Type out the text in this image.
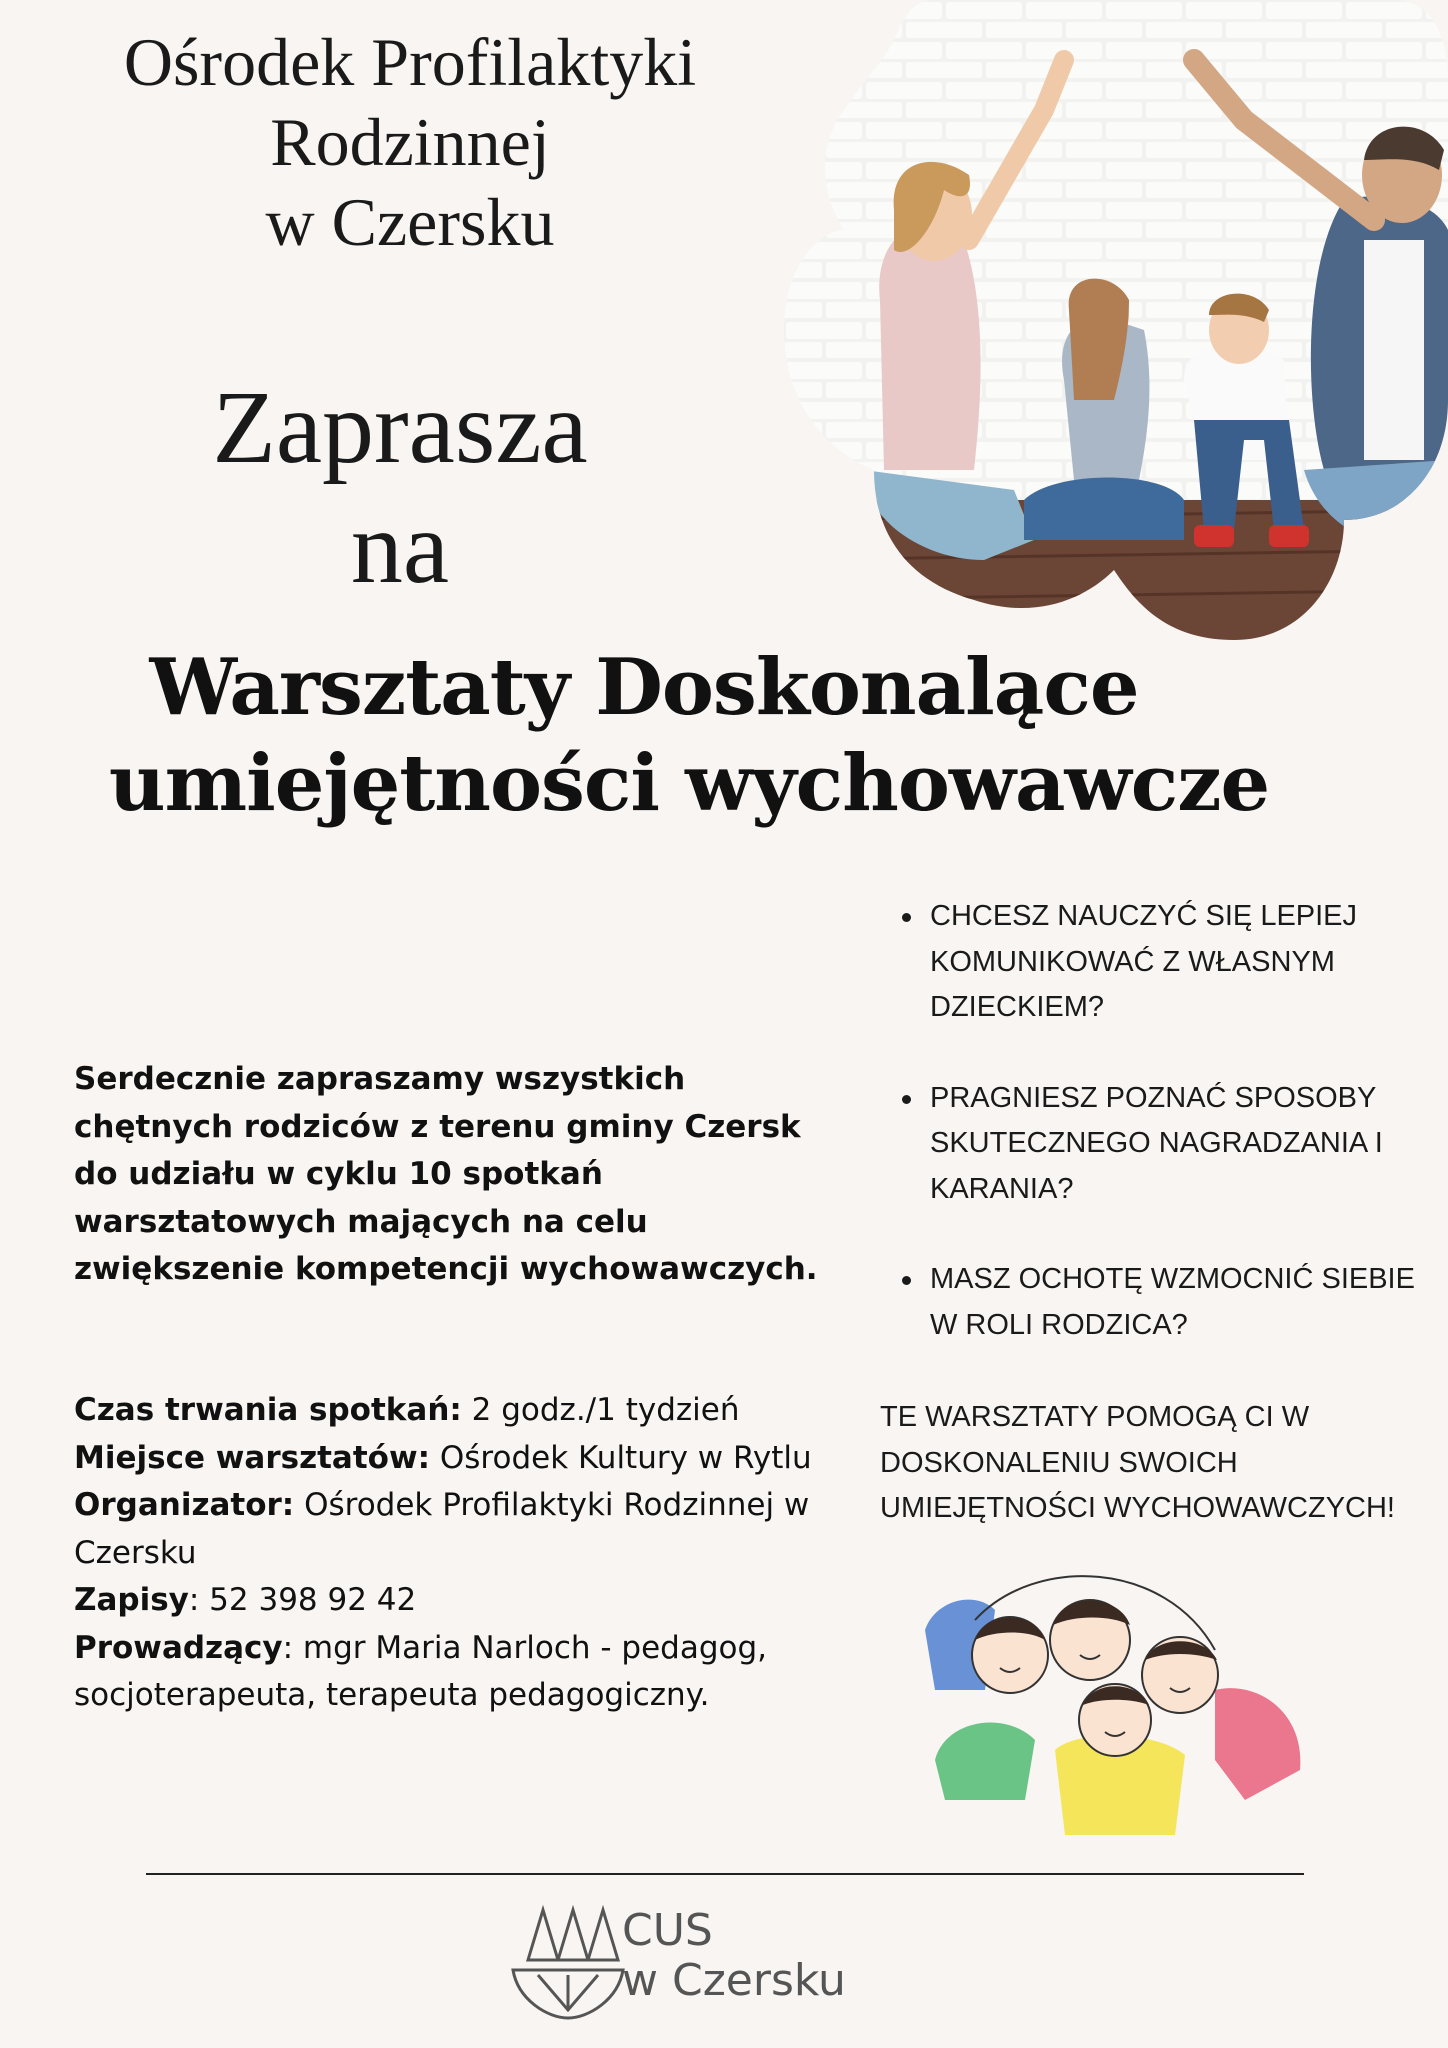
Ośrodek Profilaktyki
Rodzinnej
w Czersku
Zaprasza
na
Warsztaty Doskonalące
umiejętności wychowawcze
CHCESZ NAUCZYĆ SIĘ LEPIEJ KOMUNIKOWAĆ Z WŁASNYM DZIECKIEM?
PRAGNIESZ POZNAĆ SPOSOBY SKUTECZNEGO NAGRADZANIA I KARANIA?
MASZ OCHOTĘ WZMOCNIĆ SIEBIE W ROLI RODZICA?
Serdecznie zapraszamy wszystkich chętnych rodziców z terenu gminy Czersk do udziału w cyklu 10 spotkań warsztatowych mających na celu zwiększenie kompetencji wychowawczych.
Czas trwania spotkań: 2 godz./1 tydzień
Miejsce warsztatów: Ośrodek Kultury w Rytlu
Organizator: Ośrodek Profilaktyki Rodzinnej w Czersku
Zapisy: 52 398 92 42
Prowadzący: mgr Maria Narloch - pedagog, socjoterapeuta, terapeuta pedagogiczny.
TE WARSZTATY POMOGĄ CI W DOSKONALENIU SWOICH UMIEJĘTNOŚCI WYCHOWAWCZYCH!
CUS
w Czersku
